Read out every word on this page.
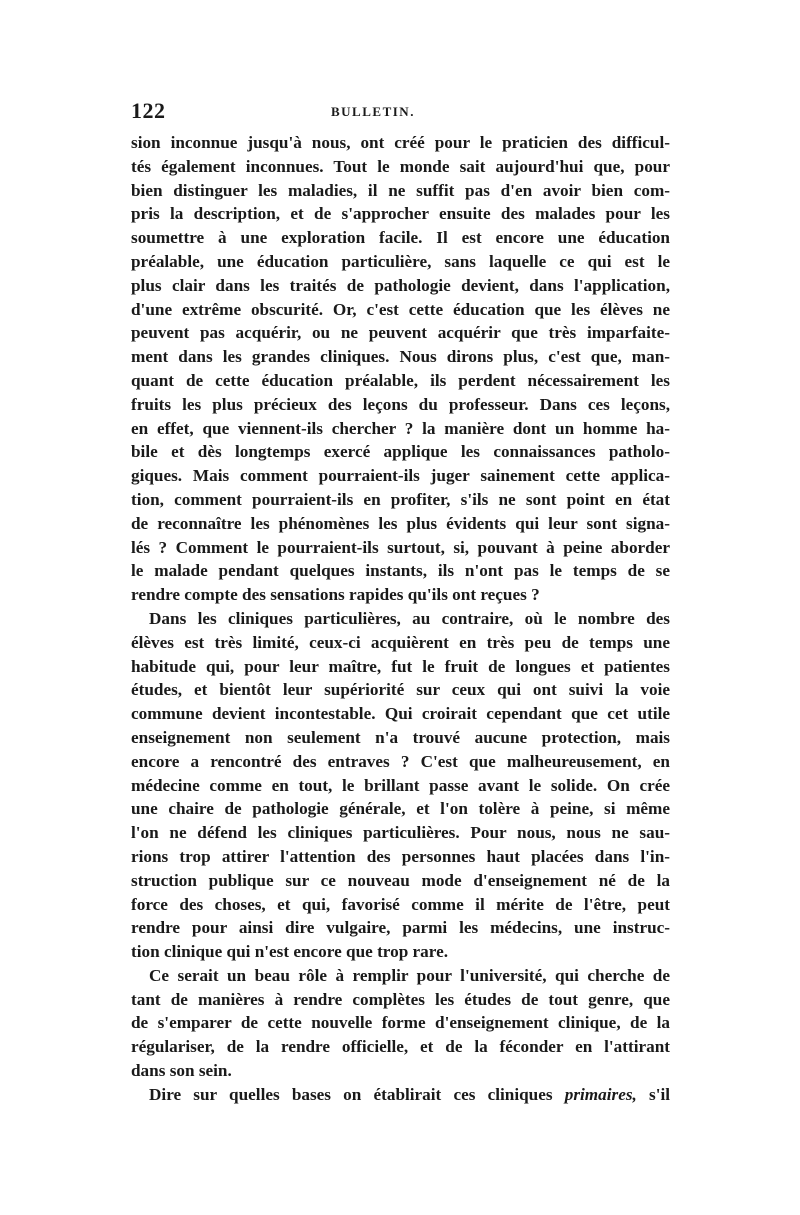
122	BULLETIN.
sion inconnue jusqu'à nous, ont créé pour le praticien des difficul-
tés également inconnues. Tout le monde sait aujourd'hui que, pour
bien distinguer les maladies, il ne suffit pas d'en avoir bien com-
pris la description, et de s'approcher ensuite des malades pour les
soumettre à une exploration facile. Il est encore une éducation
préalable, une éducation particulière, sans laquelle ce qui est le
plus clair dans les traités de pathologie devient, dans l'application,
d'une extrême obscurité. Or, c'est cette éducation que les élèves ne
peuvent pas acquérir, ou ne peuvent acquérir que très imparfaite-
ment dans les grandes cliniques. Nous dirons plus, c'est que, man-
quant de cette éducation préalable, ils perdent nécessairement les
fruits les plus précieux des leçons du professeur. Dans ces leçons,
en effet, que viennent-ils chercher ? la manière dont un homme ha-
bile et dès longtemps exercé applique les connaissances patholo-
giques. Mais comment pourraient-ils juger sainement cette applica-
tion, comment pourraient-ils en profiter, s'ils ne sont point en état
de reconnaître les phénomènes les plus évidents qui leur sont signa-
lés ? Comment le pourraient-ils surtout, si, pouvant à peine aborder
le malade pendant quelques instants, ils n'ont pas le temps de se
rendre compte des sensations rapides qu'ils ont reçues ?
Dans les cliniques particulières, au contraire, où le nombre des
élèves est très limité, ceux-ci acquièrent en très peu de temps une
habitude qui, pour leur maître, fut le fruit de longues et patientes
études, et bientôt leur supériorité sur ceux qui ont suivi la voie
commune devient incontestable. Qui croirait cependant que cet utile
enseignement non seulement n'a trouvé aucune protection, mais
encore a rencontré des entraves ? C'est que malheureusement, en
médecine comme en tout, le brillant passe avant le solide. On crée
une chaire de pathologie générale, et l'on tolère à peine, si même
l'on ne défend les cliniques particulières. Pour nous, nous ne sau-
rions trop attirer l'attention des personnes haut placées dans l'in-
struction publique sur ce nouveau mode d'enseignement né de la
force des choses, et qui, favorisé comme il mérite de l'être, peut
rendre pour ainsi dire vulgaire, parmi les médecins, une instruc-
tion clinique qui n'est encore que trop rare.
Ce serait un beau rôle à remplir pour l'université, qui cherche de
tant de manières à rendre complètes les études de tout genre, que
de s'emparer de cette nouvelle forme d'enseignement clinique, de la
régulariser, de la rendre officielle, et de la féconder en l'attirant
dans son sein.
Dire sur quelles bases on établirait ces cliniques primaires, s'il
